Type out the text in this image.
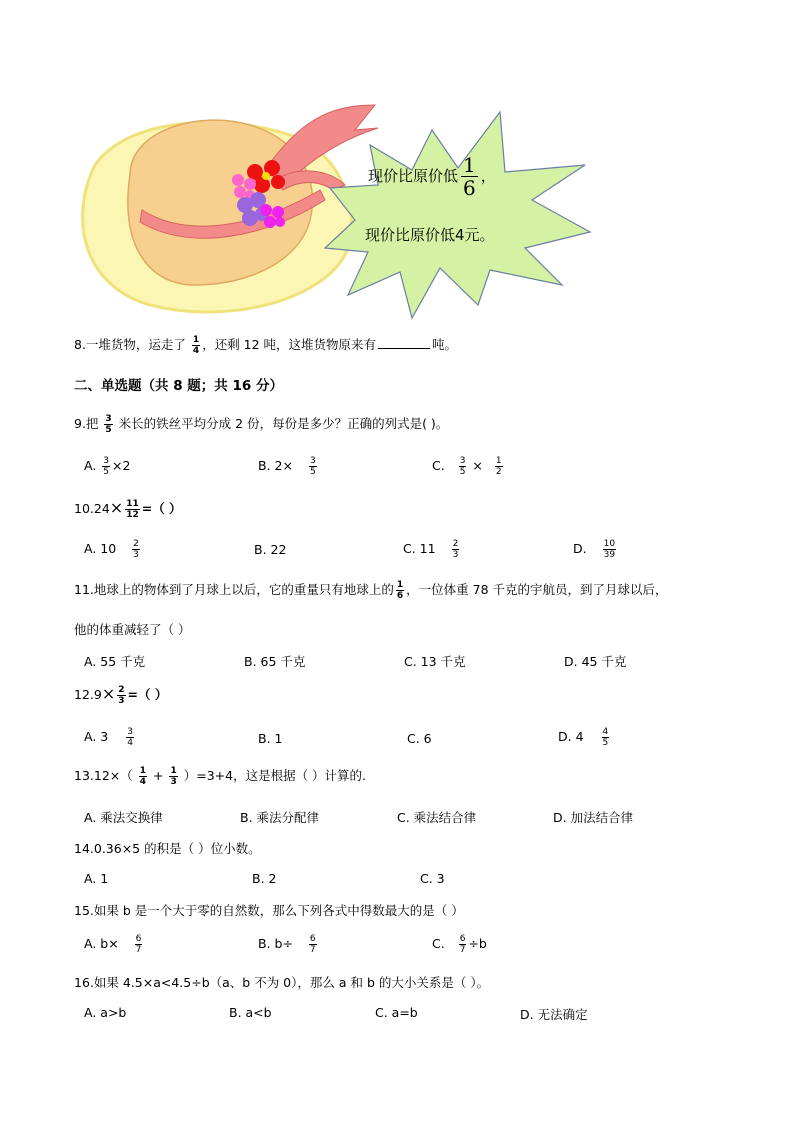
现价比原价低 $\frac{1}{6}$ ，
现价比原价低4元。
8.一堆货物，运走了 $\frac{1}{4}$ ，还剩 12 吨，这堆货物原来有	吨。
二、单选题（共 8 题；共 16 分）
9.把 $\frac{3}{5}$ 米长的铁丝平均分成 2 份，每份是多少？正确的列式是( )。
A. $\frac{3}{5} \times 2$	B. $2\times \frac{3}{5}$	C. $\frac{3}{5} \times \frac{1}{2}$
$10.24\times \frac{11}{12}$ =（ ）
A. $10 \frac{2}{3}$	B. 22	C. $11 \frac{2}{3}$	D. $\frac{10}{39}$
11.地球上的物体到了月球上以后，它的重量只有地球上的 $\frac{1}{6}$ ，一位体重 78 千克的宇航员，到了月球以后，
他的体重减轻了（ ）
A. 55 千克	B. 65 千克	C. 13 千克	D. 45 千克
$12.9\times \frac{2}{3}$ =（ ）
A. $3 \frac{3}{4}$	B. 1	C. 6	D. $4 \frac{4}{5}$
$13.12\times( \frac{1}{4} + \frac{1}{3} )=3+4$，这是根据（ ）计算的.
A. 乘法交换律	B. 乘法分配律	C. 乘法结合律	D. 加法结合律
14.0.36×5 的积是（ ）位小数。
A. 1	B. 2	C. 3
15.如果 b 是一个大于零的自然数，那么下列各式中得数最大的是（ ）
A. $b\times \frac{6}{7}$	B. $b\div \frac{6}{7}$	C. $\frac{6}{7} \div b$
16.如果 4.5×a<4.5÷b（a、b 不为 0），那么 a 和 b 的大小关系是（ ）。
A. a>b	B. a<b	C. a=b	D. 无法确定
